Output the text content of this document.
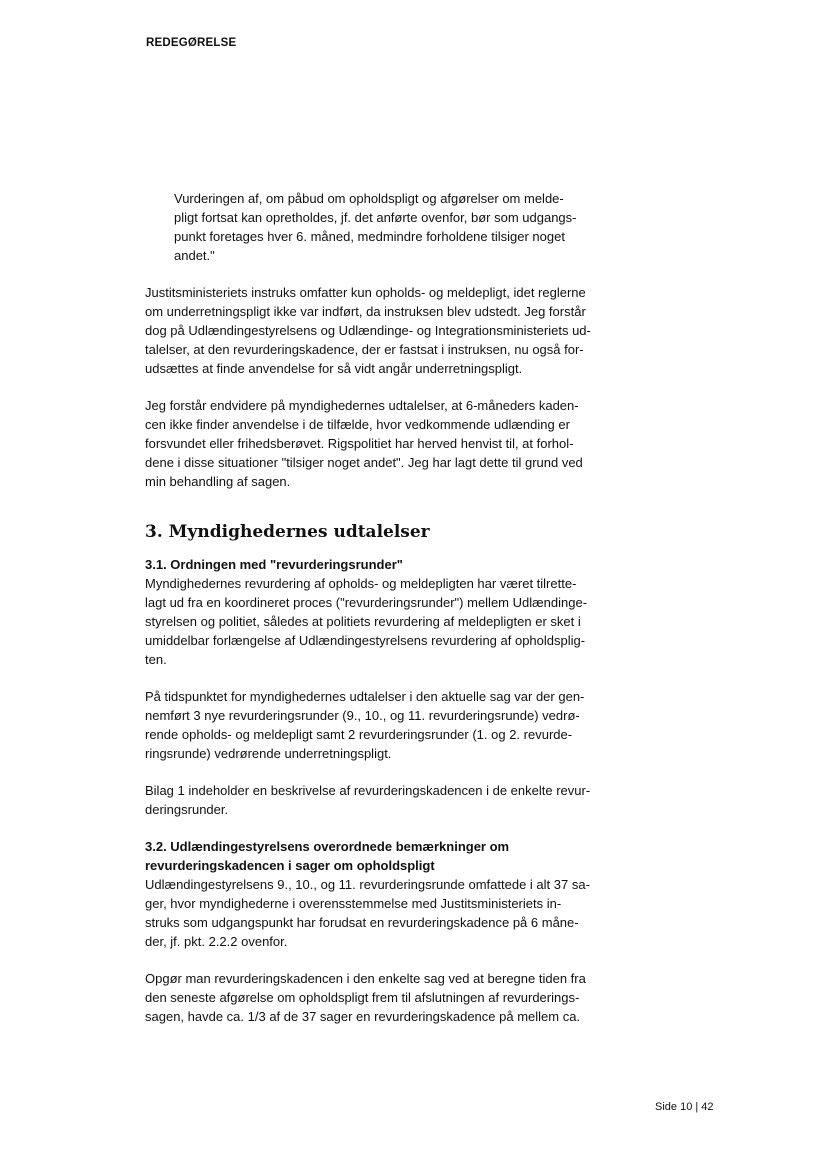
REDEGØRELSE
Vurderingen af, om påbud om opholdspligt og afgørelser om melde-
pligt fortsat kan opretholdes, jf. det anførte ovenfor, bør som udgangs-
punkt foretages hver 6. måned, medmindre forholdene tilsiger noget
andet."
Justitsministeriets instruks omfatter kun opholds- og meldepligt, idet reglerne
om underretningspligt ikke var indført, da instruksen blev udstedt. Jeg forstår
dog på Udlændingestyrelsens og Udlændinge- og Integrationsministeriets ud-
talelser, at den revurderingskadence, der er fastsat i instruksen, nu også for-
udsættes at finde anvendelse for så vidt angår underretningspligt.
Jeg forstår endvidere på myndighedernes udtalelser, at 6-måneders kaden-
cen ikke finder anvendelse i de tilfælde, hvor vedkommende udlænding er
forsvundet eller frihedsberøvet. Rigspolitiet har herved henvist til, at forhol-
dene i disse situationer "tilsiger noget andet". Jeg har lagt dette til grund ved
min behandling af sagen.
3. Myndighedernes udtalelser
3.1. Ordningen med "revurderingsrunder"
Myndighedernes revurdering af opholds- og meldepligten har været tilrette-
lagt ud fra en koordineret proces ("revurderingsrunder") mellem Udlændinge-
styrelsen og politiet, således at politiets revurdering af meldepligten er sket i
umiddelbar forlængelse af Udlændingestyrelsens revurdering af opholdsplig-
ten.
På tidspunktet for myndighedernes udtalelser i den aktuelle sag var der gen-
nemført 3 nye revurderingsrunder (9., 10., og 11. revurderingsrunde) vedrø-
rende opholds- og meldepligt samt 2 revurderingsrunder (1. og 2. revurde-
ringsrunde) vedrørende underretningspligt.
Bilag 1 indeholder en beskrivelse af revurderingskadencen i de enkelte revur-
deringsrunder.
3.2. Udlændingestyrelsens overordnede bemærkninger om
revurderingskadencen i sager om opholdspligt
Udlændingestyrelsens 9., 10., og 11. revurderingsrunde omfattede i alt 37 sa-
ger, hvor myndighederne i overensstemmelse med Justitsministeriets in-
struks som udgangspunkt har forudsat en revurderingskadence på 6 måne-
der, jf. pkt. 2.2.2 ovenfor.
Opgør man revurderingskadencen i den enkelte sag ved at beregne tiden fra
den seneste afgørelse om opholdspligt frem til afslutningen af revurderings-
sagen, havde ca. 1/3 af de 37 sager en revurderingskadence på mellem ca.
Side 10 | 42
